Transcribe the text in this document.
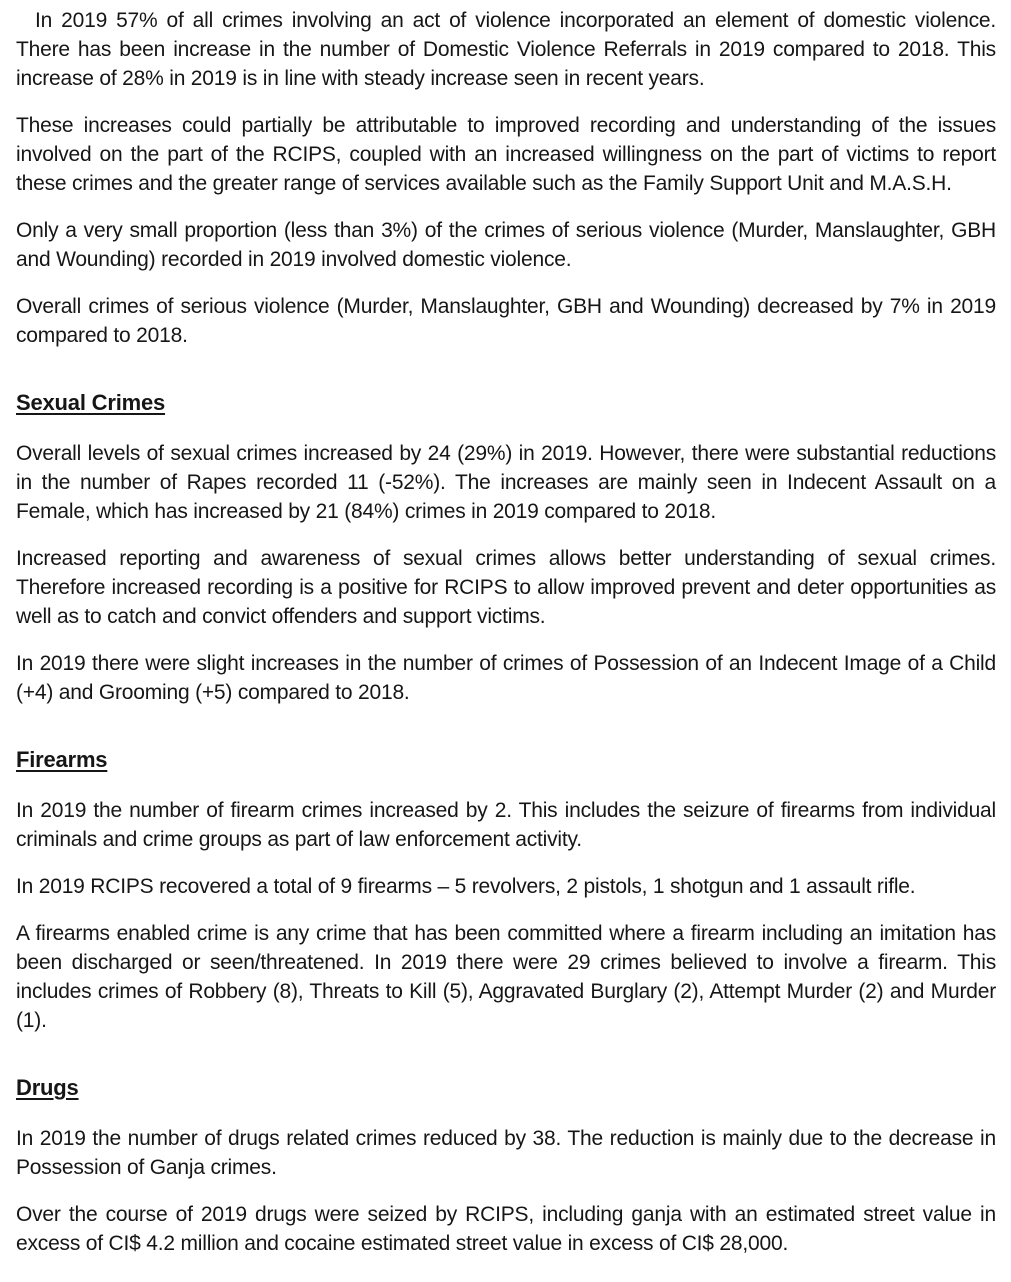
In 2019 57% of all crimes involving an act of violence incorporated an element of domestic violence. There has been increase in the number of Domestic Violence Referrals in 2019 compared to 2018. This increase of 28% in 2019 is in line with steady increase seen in recent years.

These increases could partially be attributable to improved recording and understanding of the issues involved on the part of the RCIPS, coupled with an increased willingness on the part of victims to report these crimes and the greater range of services available such as the Family Support Unit and M.A.S.H.

Only a very small proportion (less than 3%) of the crimes of serious violence (Murder, Manslaughter, GBH and Wounding) recorded in 2019 involved domestic violence.

Overall crimes of serious violence (Murder, Manslaughter, GBH and Wounding) decreased by 7% in 2019 compared to 2018.

Sexual Crimes

Overall levels of sexual crimes increased by 24 (29%) in 2019. However, there were substantial reductions in the number of Rapes recorded 11 (-52%). The increases are mainly seen in Indecent Assault on a Female, which has increased by 21 (84%) crimes in 2019 compared to 2018.

Increased reporting and awareness of sexual crimes allows better understanding of sexual crimes. Therefore increased recording is a positive for RCIPS to allow improved prevent and deter opportunities as well as to catch and convict offenders and support victims.

In 2019 there were slight increases in the number of crimes of Possession of an Indecent Image of a Child (+4) and Grooming (+5) compared to 2018.

Firearms

In 2019 the number of firearm crimes increased by 2. This includes the seizure of firearms from individual criminals and crime groups as part of law enforcement activity.

In 2019 RCIPS recovered a total of 9 firearms – 5 revolvers, 2 pistols, 1 shotgun and 1 assault rifle.

A firearms enabled crime is any crime that has been committed where a firearm including an imitation has been discharged or seen/threatened. In 2019 there were 29 crimes believed to involve a firearm. This includes crimes of Robbery (8), Threats to Kill (5), Aggravated Burglary (2), Attempt Murder (2) and Murder (1).

Drugs

In 2019 the number of drugs related crimes reduced by 38. The reduction is mainly due to the decrease in Possession of Ganja crimes.

Over the course of 2019 drugs were seized by RCIPS, including ganja with an estimated street value in excess of CI$ 4.2 million and cocaine estimated street value in excess of CI$ 28,000.
